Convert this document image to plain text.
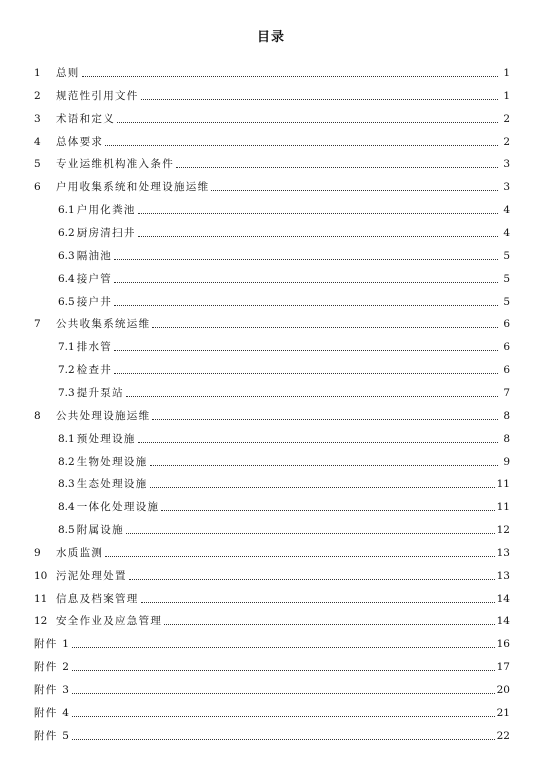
目录
1	总则	1
2	规范性引用文件	1
3	术语和定义	2
4	总体要求	2
5	专业运维机构准入条件	3
6	户用收集系统和处理设施运维	3
6.1 户用化粪池	4
6.2 厨房清扫井	4
6.3 隔油池	5
6.4 接户管	5
6.5 接户井	5
7	公共收集系统运维	6
7.1 排水管	6
7.2 检查井	6
7.3 提升泵站	7
8	公共处理设施运维	8
8.1 预处理设施	8
8.2 生物处理设施	9
8.3 生态处理设施	11
8.4 一体化处理设施	11
8.5 附属设施	12
9	水质监测	13
10 污泥处理处置	13
11 信息及档案管理	14
12 安全作业及应急管理	14
附件 1	16
附件 2	17
附件 3	20
附件 4	21
附件 5	22
